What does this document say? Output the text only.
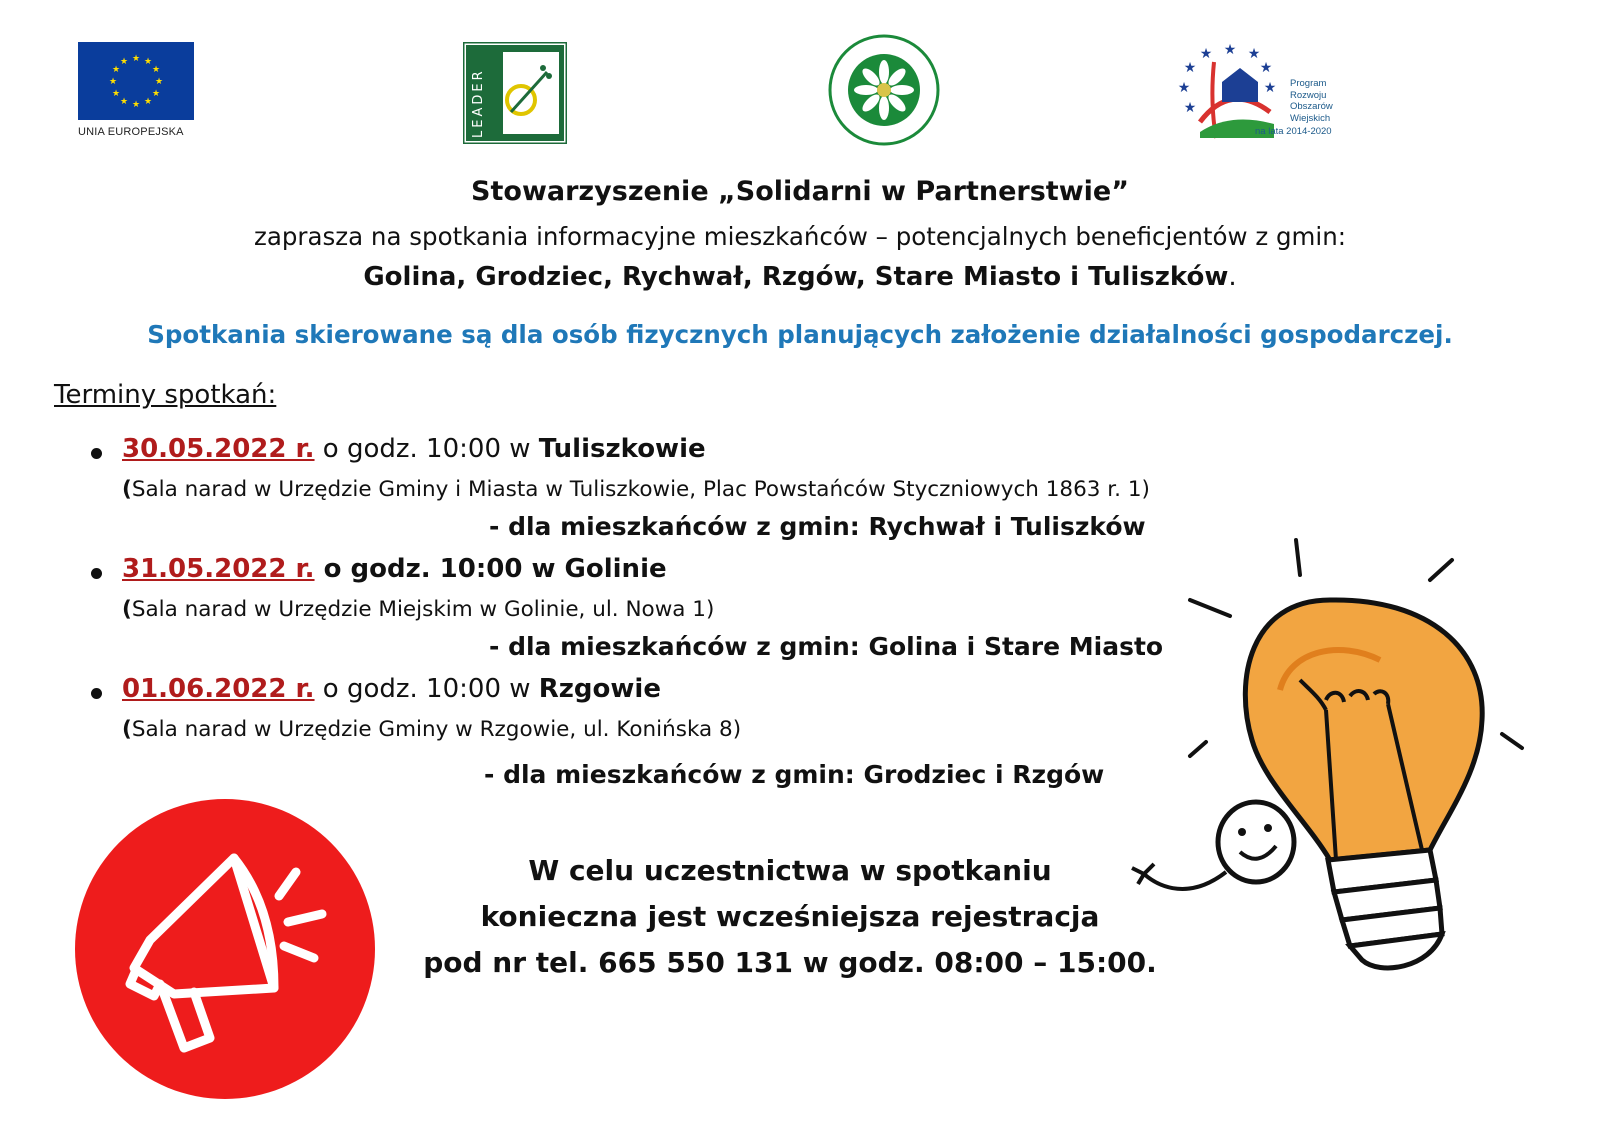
★ ★
★
★
★
★
★
★
★
★
★
★
UNIA EUROPEJSKA	LEADER	★
★
★ ★ ★
★
★
★
Program
Rozwoju
Obszarów
Wiejskich
na lata 2014-2020
Stowarzyszenie „Solidarni w Partnerstwie”
zaprasza na spotkania informacyjne mieszkańców – potencjalnych beneficjentów z gmin:
Golina, Grodziec, Rychwał, Rzgów, Stare Miasto i Tuliszków.
Spotkania skierowane są dla osób fizycznych planujących założenie działalności gospodarczej.
Terminy spotkań:
30.05.2022 r. o godz. 10:00 w Tuliszkowie
(Sala narad w Urzędzie Gminy i Miasta w Tuliszkowie, Plac Powstańców Styczniowych 1863 r. 1)
- dla mieszkańców z gmin: Rychwał i Tuliszków
31.05.2022 r. o godz. 10:00 w Golinie
(Sala narad w Urzędzie Miejskim w Golinie, ul. Nowa 1)
- dla mieszkańców z gmin: Golina i Stare Miasto
01.06.2022 r. o godz. 10:00 w Rzgowie
(Sala narad w Urzędzie Gminy w Rzgowie, ul. Konińska 8)
- dla mieszkańców z gmin: Grodziec i Rzgów
W celu uczestnictwa w spotkaniu
konieczna jest wcześniejsza rejestracja
pod nr tel. 665 550 131 w godz. 08:00 – 15:00.
